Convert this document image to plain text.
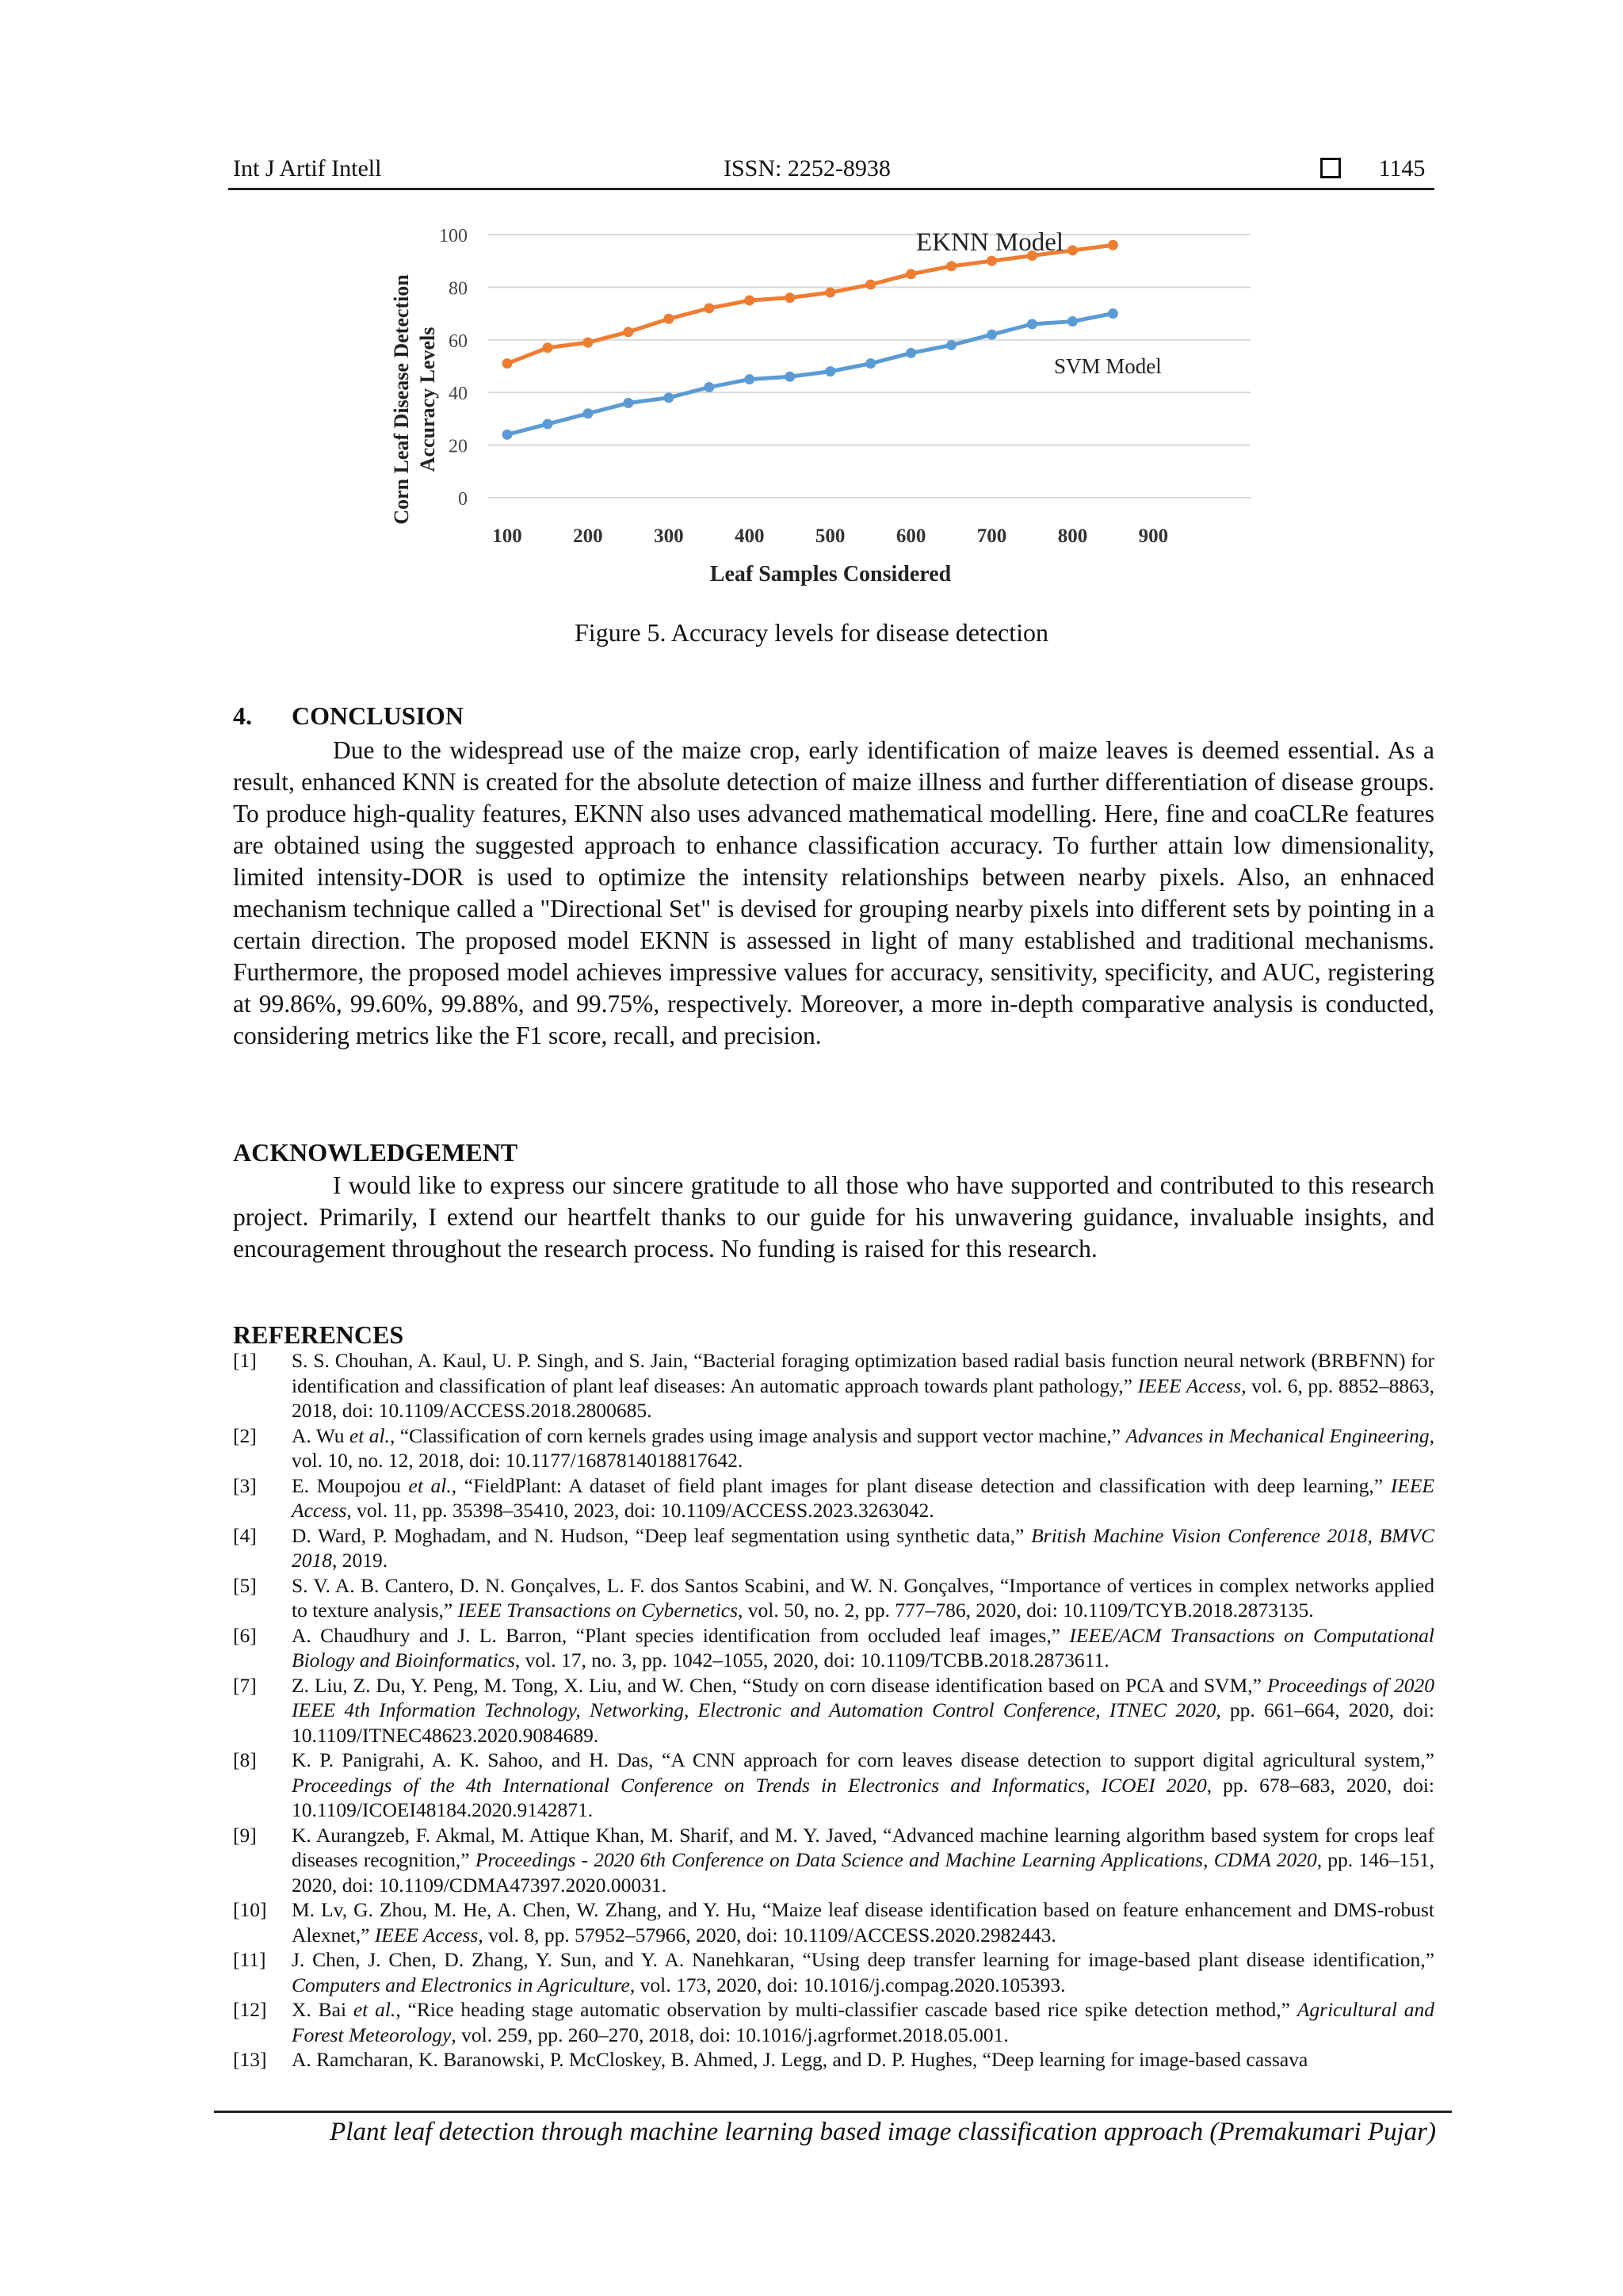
Int J Artif Intell	ISSN: 2252-8938	1145
0
20
40
60
80
100
100	200	300	400	500	600	700	800	900
Corn Leaf Disease Detection Accuracy Levels
Leaf Samples Considered
EKNN Model
SVM Model
Figure 5. Accuracy levels for disease detection
4. CONCLUSION

Due to the widespread use of the maize crop, early identification of maize leaves is deemed essential. As a result, enhanced KNN is created for the absolute detection of maize illness and further differentiation of disease groups. To produce high-quality features, EKNN also uses advanced mathematical modelling. Here, fine and coaCLRe features are obtained using the suggested approach to enhance classification accuracy. To further attain low dimensionality, limited intensity-DOR is used to optimize the intensity relationships between nearby pixels. Also, an enhnaced mechanism technique called a "Directional Set" is devised for grouping nearby pixels into different sets by pointing in a certain direction. The proposed model EKNN is assessed in light of many established and traditional mechanisms. Furthermore, the proposed model achieves impressive values for accuracy, sensitivity, specificity, and AUC, registering at 99.86%, 99.60%, 99.88%, and 99.75%, respectively. Moreover, a more in-depth comparative analysis is conducted, considering metrics like the F1 score, recall, and precision.

ACKNOWLEDGEMENT

I would like to express our sincere gratitude to all those who have supported and contributed to this research project. Primarily, I extend our heartfelt thanks to our guide for his unwavering guidance, invaluable insights, and encouragement throughout the research process. No funding is raised for this research.

REFERENCES
[1]	S. S. Chouhan, A. Kaul, U. P. Singh, and S. Jain, “Bacterial foraging optimization based radial basis function neural network (BRBFNN) for identification and classification of plant leaf diseases: An automatic approach towards plant pathology,” IEEE Access, vol. 6, pp. 8852–8863, 2018, doi: 10.1109/ACCESS.2018.2800685.
[2]	A. Wu et al., “Classification of corn kernels grades using image analysis and support vector machine,” Advances in Mechanical Engineering, vol. 10, no. 12, 2018, doi: 10.1177/1687814018817642.
[3]	E. Moupojou et al., “FieldPlant: A dataset of field plant images for plant disease detection and classification with deep learning,” IEEE Access, vol. 11, pp. 35398–35410, 2023, doi: 10.1109/ACCESS.2023.3263042.
[4]	D. Ward, P. Moghadam, and N. Hudson, “Deep leaf segmentation using synthetic data,” British Machine Vision Conference 2018, BMVC 2018, 2019.
[5]	S. V. A. B. Cantero, D. N. Gonçalves, L. F. dos Santos Scabini, and W. N. Gonçalves, “Importance of vertices in complex networks applied to texture analysis,” IEEE Transactions on Cybernetics, vol. 50, no. 2, pp. 777–786, 2020, doi: 10.1109/TCYB.2018.2873135.
[6]	A. Chaudhury and J. L. Barron, “Plant species identification from occluded leaf images,” IEEE/ACM Transactions on Computational Biology and Bioinformatics, vol. 17, no. 3, pp. 1042–1055, 2020, doi: 10.1109/TCBB.2018.2873611.
[7]	Z. Liu, Z. Du, Y. Peng, M. Tong, X. Liu, and W. Chen, “Study on corn disease identification based on PCA and SVM,” Proceedings of 2020 IEEE 4th Information Technology, Networking, Electronic and Automation Control Conference, ITNEC 2020, pp. 661–664, 2020, doi: 10.1109/ITNEC48623.2020.9084689.
[8]	K. P. Panigrahi, A. K. Sahoo, and H. Das, “A CNN approach for corn leaves disease detection to support digital agricultural system,” Proceedings of the 4th International Conference on Trends in Electronics and Informatics, ICOEI 2020, pp. 678–683, 2020, doi: 10.1109/ICOEI48184.2020.9142871.
[9]	K. Aurangzeb, F. Akmal, M. Attique Khan, M. Sharif, and M. Y. Javed, “Advanced machine learning algorithm based system for crops leaf diseases recognition,” Proceedings - 2020 6th Conference on Data Science and Machine Learning Applications, CDMA 2020, pp. 146–151, 2020, doi: 10.1109/CDMA47397.2020.00031.
[10]	M. Lv, G. Zhou, M. He, A. Chen, W. Zhang, and Y. Hu, “Maize leaf disease identification based on feature enhancement and DMS-robust Alexnet,” IEEE Access, vol. 8, pp. 57952–57966, 2020, doi: 10.1109/ACCESS.2020.2982443.
[11]	J. Chen, J. Chen, D. Zhang, Y. Sun, and Y. A. Nanehkaran, “Using deep transfer learning for image-based plant disease identification,” Computers and Electronics in Agriculture, vol. 173, 2020, doi: 10.1016/j.compag.2020.105393.
[12]	X. Bai et al., “Rice heading stage automatic observation by multi-classifier cascade based rice spike detection method,” Agricultural and Forest Meteorology, vol. 259, pp. 260–270, 2018, doi: 10.1016/j.agrformet.2018.05.001.
[13]	A. Ramcharan, K. Baranowski, P. McCloskey, B. Ahmed, J. Legg, and D. P. Hughes, “Deep learning for image-based cassava
Plant leaf detection through machine learning based image classification approach (Premakumari Pujar)
